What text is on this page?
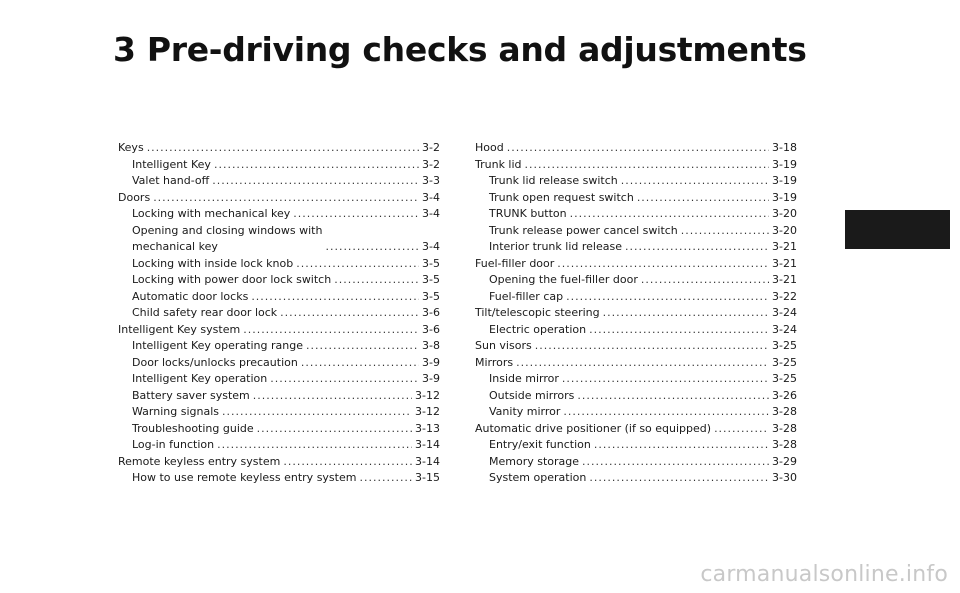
3 Pre-driving checks and adjustments
Keys .....	3-2
Intelligent Key .....	3-2
Valet hand-off .....	3-3
Doors .....	3-4
Locking with mechanical key .....	3-4
Opening and closing windows with
mechanical key .....	3-4
Locking with inside lock knob .....	3-5
Locking with power door lock switch .....	3-5
Automatic door locks .....	3-5
Child safety rear door lock .....	3-6
Intelligent Key system .....	3-6
Intelligent Key operating range .....	3-8
Door locks/unlocks precaution .....	3-9
Intelligent Key operation .....	3-9
Battery saver system .....	3-12
Warning signals .....	3-12
Troubleshooting guide .....	3-13
Log-in function .....	3-14
Remote keyless entry system .....	3-14
How to use remote keyless entry system .....	3-15
Hood .....	3-18
Trunk lid .....	3-19
Trunk lid release switch .....	3-19
Trunk open request switch .....	3-19
TRUNK button .....	3-20
Trunk release power cancel switch .....	3-20
Interior trunk lid release .....	3-21
Fuel-filler door .....	3-21
Opening the fuel-filler door .....	3-21
Fuel-filler cap .....	3-22
Tilt/telescopic steering .....	3-24
Electric operation .....	3-24
Sun visors .....	3-25
Mirrors .....	3-25
Inside mirror .....	3-25
Outside mirrors .....	3-26
Vanity mirror .....	3-28
Automatic drive positioner (if so equipped) .....	3-28
Entry/exit function .....	3-28
Memory storage .....	3-29
System operation .....	3-30
carmanualsonline.info
